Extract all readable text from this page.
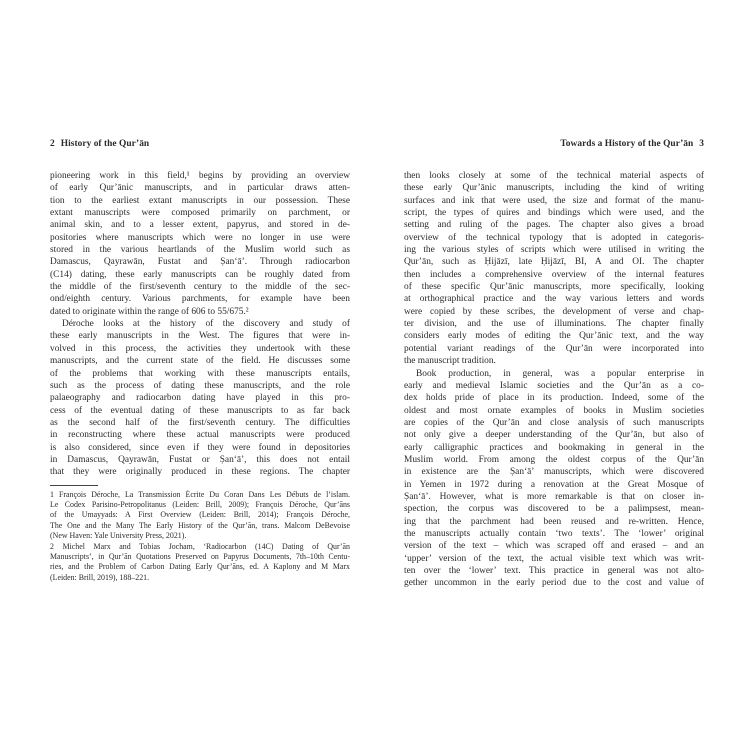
2 History of the Qur’ān
pioneering work in this field,¹ begins by providing an overview
of early Qur’ānic manuscripts, and in particular draws atten-
tion to the earliest extant manuscripts in our possession. These
extant manuscripts were composed primarily on parchment, or
animal skin, and to a lesser extent, papyrus, and stored in de-
positories where manuscripts which were no longer in use were
stored in the various heartlands of the Muslim world such as
Damascus, Qayrawān, Fustat and Ṣan‘ā’. Through radiocarbon
(C14) dating, these early manuscripts can be roughly dated from
the middle of the first/seventh century to the middle of the sec-
ond/eighth century. Various parchments, for example have been
dated to originate within the range of 606 to 55/675.²
Déroche looks at the history of the discovery and study of
these early manuscripts in the West. The figures that were in-
volved in this process, the activities they undertook with these
manuscripts, and the current state of the field. He discusses some
of the problems that working with these manuscripts entails,
such as the process of dating these manuscripts, and the role
palaeography and radiocarbon dating have played in this pro-
cess of the eventual dating of these manuscripts to as far back
as the second half of the first/seventh century. The difficulties
in reconstructing where these actual manuscripts were produced
is also considered, since even if they were found in depositories
in Damascus, Qayrawān, Fustat or Ṣan‘ā’, this does not entail
that they were originally produced in these regions. The chapter
1 François Déroche, La Transmission Écrite Du Coran Dans Les Débuts de l’islam.
Le Codex Parisino-Petropolitanus (Leiden: Brill, 2009); François Déroche, Qur’āns
of the Umayyads: A First Overview (Leiden: Brill, 2014); François Déroche,
The One and the Many The Early History of the Qur’ān, trans. Malcom DeBevoise
(New Haven: Yale University Press, 2021).
2 Michel Marx and Tobias Jocham, ‘Radiocarbon (14C) Dating of Qur’ān
Manuscripts’, in Qur’ān Quotations Preserved on Papyrus Documents, 7th–10th Centu-
ries, and the Problem of Carbon Dating Early Qur’āns, ed. A Kaplony and M Marx
(Leiden: Brill, 2019), 188–221.
Towards a History of the Qur’ān 3
then looks closely at some of the technical material aspects of
these early Qur’ānic manuscripts, including the kind of writing
surfaces and ink that were used, the size and format of the manu-
script, the types of quires and bindings which were used, and the
setting and ruling of the pages. The chapter also gives a broad
overview of the technical typology that is adopted in categoris-
ing the various styles of scripts which were utilised in writing the
Qur’ān, such as Ḥijāzī, late Ḥijāzī, BI, A and OI. The chapter
then includes a comprehensive overview of the internal features
of these specific Qur’ānic manuscripts, more specifically, looking
at orthographical practice and the way various letters and words
were copied by these scribes, the development of verse and chap-
ter division, and the use of illuminations. The chapter finally
considers early modes of editing the Qur’ānic text, and the way
potential variant readings of the Qur’ān were incorporated into
the manuscript tradition.
Book production, in general, was a popular enterprise in
early and medieval Islamic societies and the Qur’ān as a co-
dex holds pride of place in its production. Indeed, some of the
oldest and most ornate examples of books in Muslim societies
are copies of the Qur’ān and close analysis of such manuscripts
not only give a deeper understanding of the Qur’ān, but also of
early calligraphic practices and bookmaking in general in the
Muslim world. From among the oldest corpus of the Qur’ān
in existence are the Ṣan‘ā’ manuscripts, which were discovered
in Yemen in 1972 during a renovation at the Great Mosque of
Ṣan‘ā’. However, what is more remarkable is that on closer in-
spection, the corpus was discovered to be a palimpsest, mean-
ing that the parchment had been reused and re-written. Hence,
the manuscripts actually contain ‘two texts’. The ‘lower’ original
version of the text – which was scraped off and erased – and an
‘upper’ version of the text, the actual visible text which was writ-
ten over the ‘lower’ text. This practice in general was not alto-
gether uncommon in the early period due to the cost and value of
